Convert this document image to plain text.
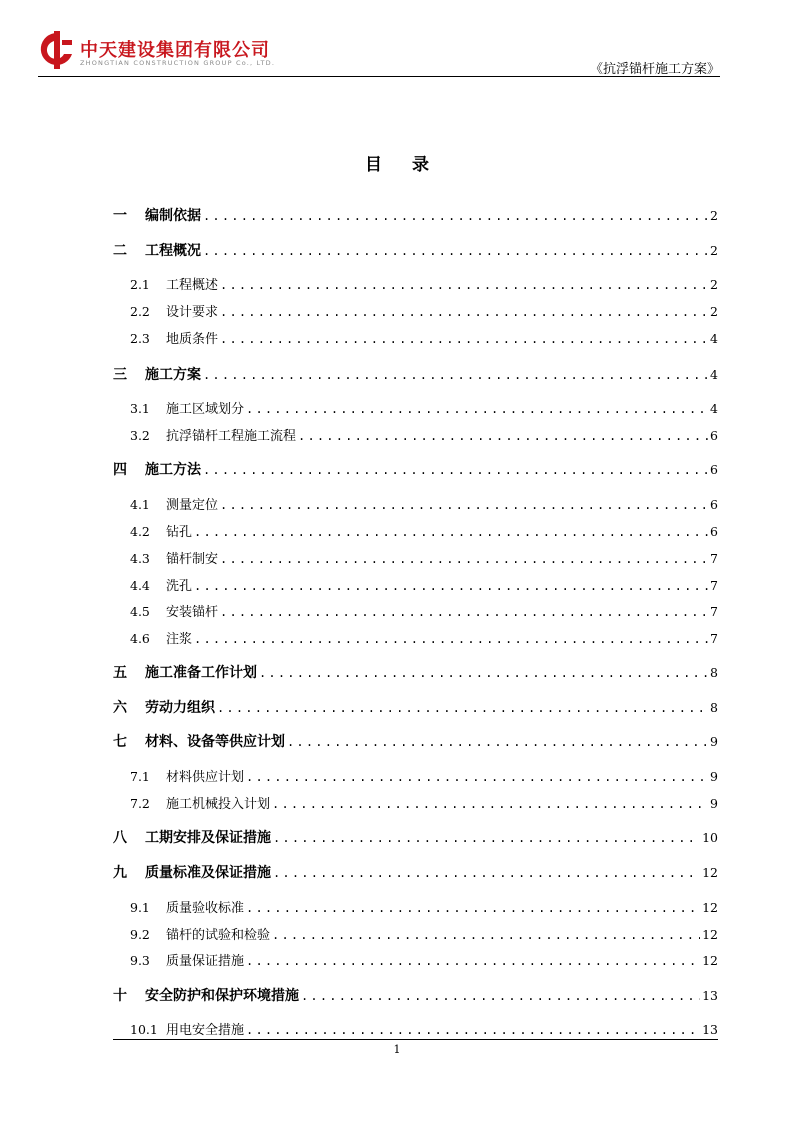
中天建设集团有限公司
ZHONGTIAN CONSTRUCTION GROUP Co., LTD.	《抗浮锚杆施工方案》
目录
一	编制依据 .....	2
二	工程概况 .....	2
2.1	工程概述 .....	2
2.2	设计要求 .....	2
2.3	地质条件 .....	4
三	施工方案 .....	4
3.1	施工区域划分 .....	4
3.2	抗浮锚杆工程施工流程 .....	6
四	施工方法 .....	6
4.1	测量定位 .....	6
4.2	钻孔 .....	6
4.3	锚杆制安 .....	7
4.4	洗孔 .....	7
4.5	安装锚杆 .....	7
4.6	注浆 .....	7
五	施工准备工作计划 .....	8
六	劳动力组织 .....	8
七	材料、设备等供应计划 .....	9
7.1	材料供应计划 .....	9
7.2	施工机械投入计划 .....	9
八	工期安排及保证措施 .....	10
九	质量标准及保证措施 .....	12
9.1	质量验收标准 .....	12
9.2	锚杆的试验和检验 .....	12
9.3	质量保证措施 .....	12
十	安全防护和保护环境措施 .....	13
10.1 用电安全措施 .....	13
1
